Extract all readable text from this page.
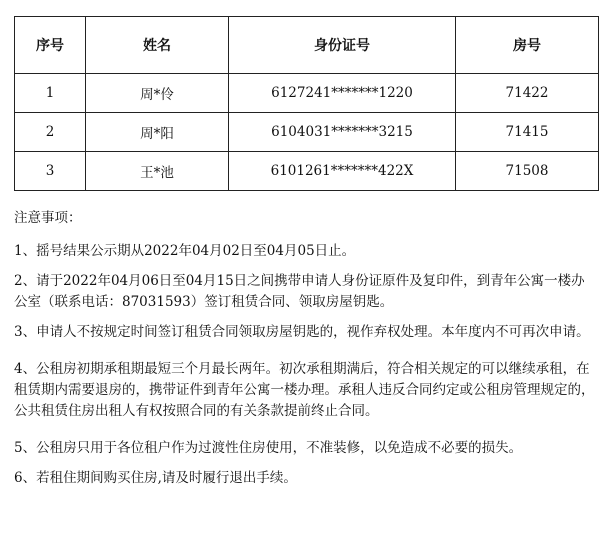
序号	姓名	身份证号	房号
1	周*伶	6127241*******1220	71422
2	周*阳	6104031*******3215	71415
3	王*池	6101261*******422X	71508

注意事项：

1、摇号结果公示期从2022年04月02日至04月05日止。

2、请于2022年04月06日至04月15日之间携带申请人身份证原件及复印件，到青年公寓一楼办公室（联系电话：87031593）签订租赁合同、领取房屋钥匙。

3、申请人不按规定时间签订租赁合同领取房屋钥匙的，视作弃权处理。本年度内不可再次申请。

4、公租房初期承租期最短三个月最长两年。初次承租期满后，符合相关规定的可以继续承租，在租赁期内需要退房的，携带证件到青年公寓一楼办理。承租人违反合同约定或公租房管理规定的，公共租赁住房出租人有权按照合同的有关条款提前终止合同。

5、公租房只用于各位租户作为过渡性住房使用，不准装修，以免造成不必要的损失。

6、若租住期间购买住房,请及时履行退出手续。
